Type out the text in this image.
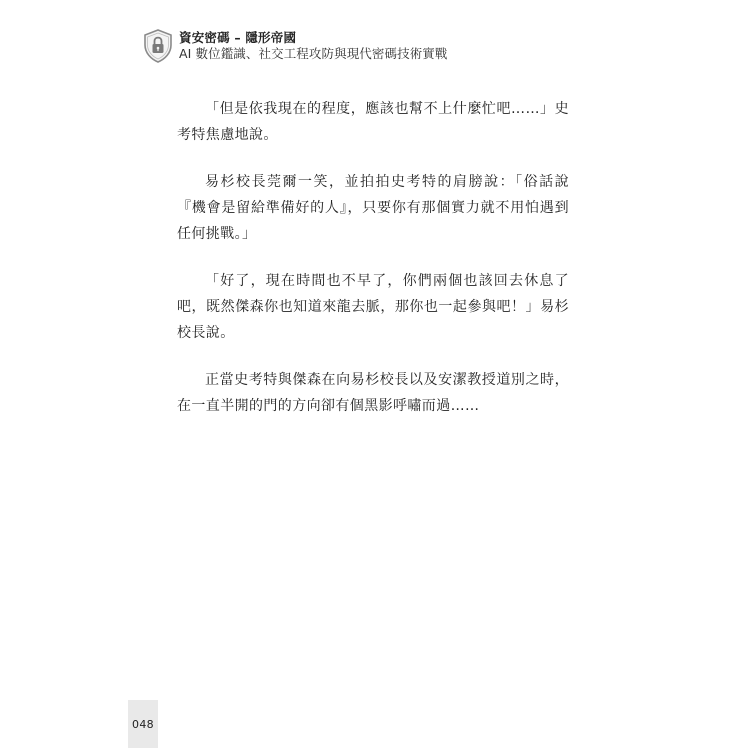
資安密碼 – 隱形帝國
AI 數位鑑識、社交工程攻防與現代密碼技術實戰

「但是依我現在的程度，應該也幫不上什麼忙吧……」史考特焦慮地說。

易杉校長莞爾一笑，並拍拍史考特的肩膀說：「俗話說『機會是留給準備好的人』，只要你有那個實力就不用怕遇到任何挑戰。」

「好了，現在時間也不早了，你們兩個也該回去休息了吧，既然傑森你也知道來龍去脈，那你也一起參與吧！」易杉校長說。

正當史考特與傑森在向易杉校長以及安潔教授道別之時，在一直半開的門的方向卻有個黑影呼嘯而過……

048
